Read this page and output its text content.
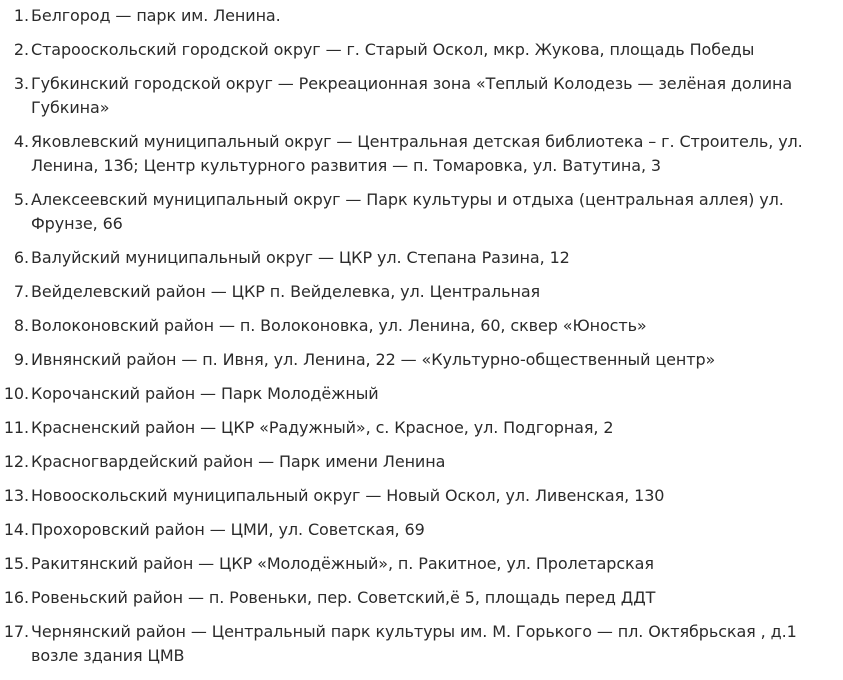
1. Белгород — парк им. Ленина.
2. Старооскольский городской округ — г. Старый Оскол, мкр. Жукова, площадь Победы
3. Губкинский городской округ — Рекреационная зона «Теплый Колодезь — зелёная долина Губкина»
4. Яковлевский муниципальный округ — Центральная детская библиотека – г. Строитель, ул. Ленина, 13б; Центр культурного развития — п. Томаровка, ул. Ватутина, 3
5. Алексеевский муниципальный округ — Парк культуры и отдыха (центральная аллея) ул. Фрунзе, 66
6. Валуйский муниципальный округ — ЦКР ул. Степана Разина, 12
7. Вейделевский район — ЦКР п. Вейделевка, ул. Центральная
8. Волоконовский район — п. Волоконовка, ул. Ленина, 60, сквер «Юность»
9. Ивнянский район — п. Ивня, ул. Ленина, 22 — «Культурно-общественный центр»
10. Корочанский район — Парк Молодёжный
11. Красненский район — ЦКР «Радужный», с. Красное, ул. Подгорная, 2
12. Красногвардейский район — Парк имени Ленина
13. Новооскольский муниципальный округ — Новый Оскол, ул. Ливенская, 130
14. Прохоровский район — ЦМИ, ул. Советская, 69
15. Ракитянский район — ЦКР «Молодёжный», п. Ракитное, ул. Пролетарская
16. Ровеньский район — п. Ровеньки, пер. Советский,ё 5, площадь перед ДДТ
17. Чернянский район — Центральный парк культуры им. М. Горького — пл. Октябрьская , д.1 возле здания ЦМВ
